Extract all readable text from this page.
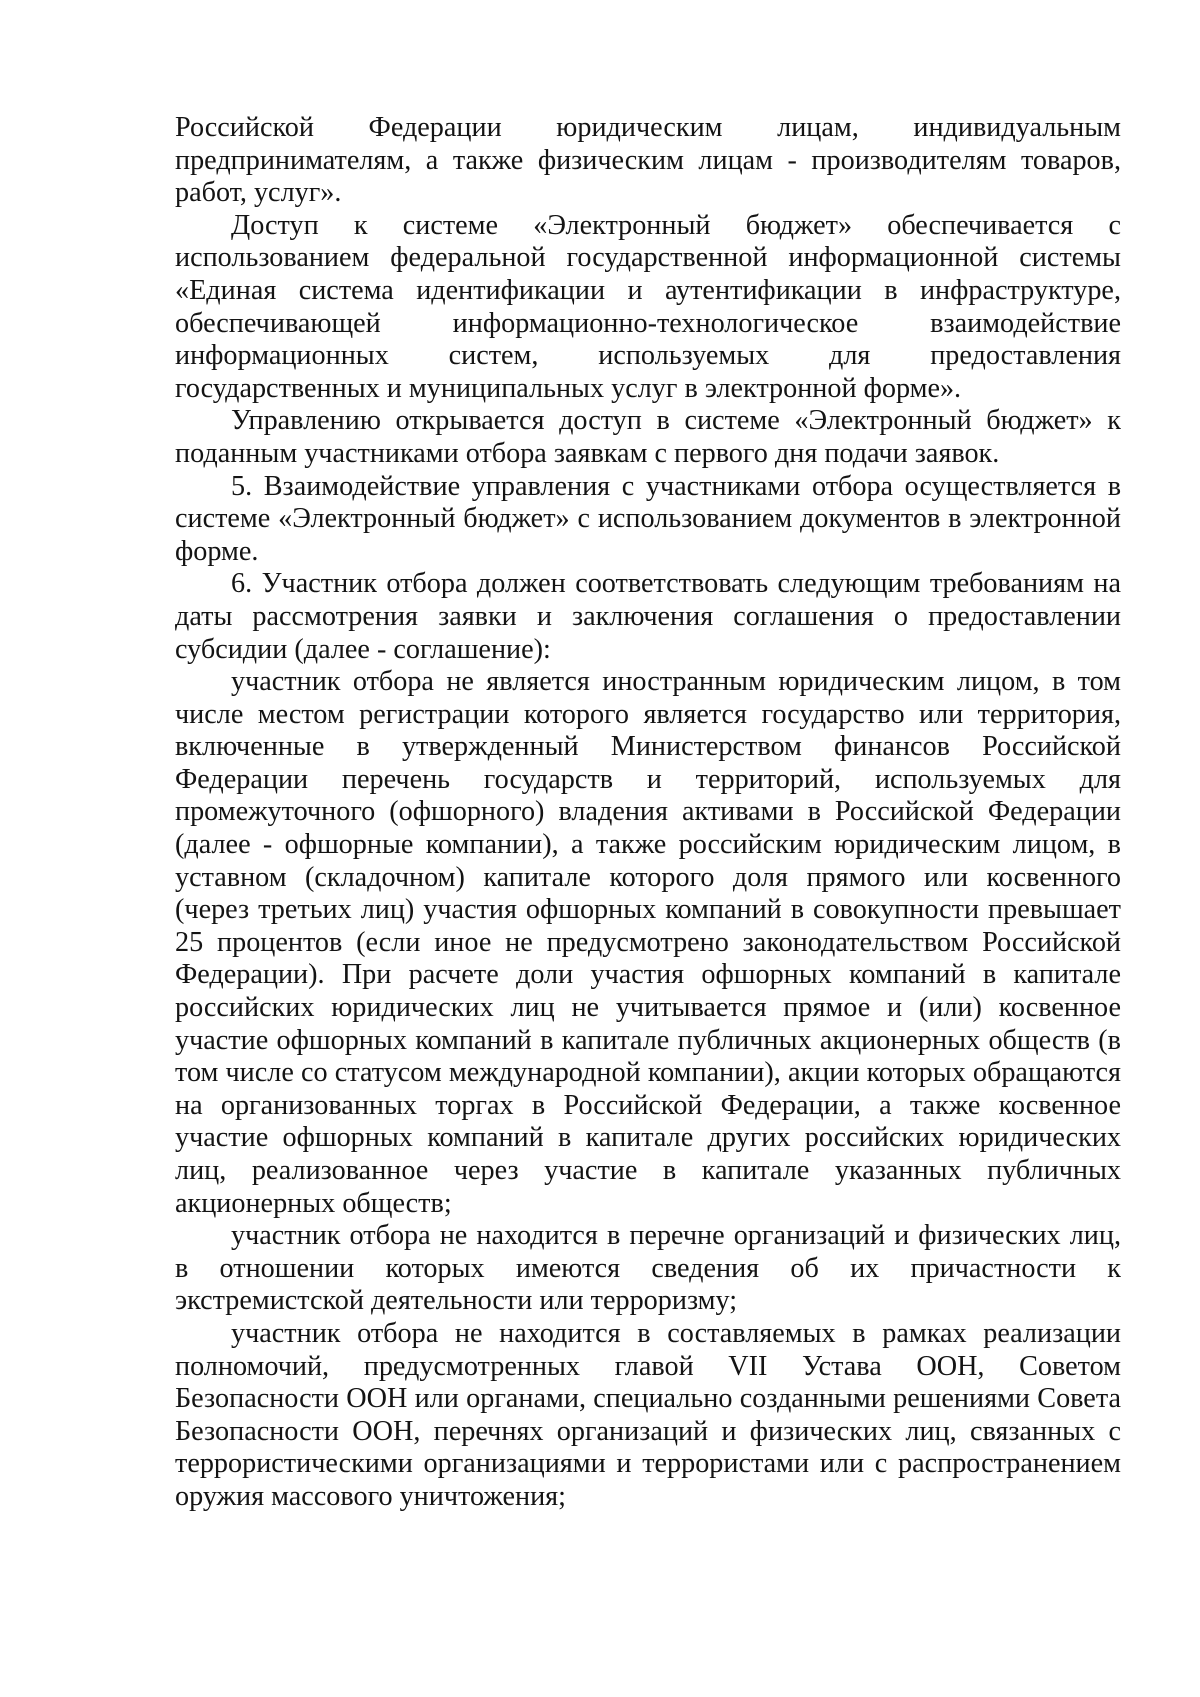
Российской Федерации юридическим лицам, индивидуальным предпринимателям, а также физическим лицам - производителям товаров, работ, услуг».

Доступ к системе «Электронный бюджет» обеспечивается с использованием федеральной государственной информационной системы «Единая система идентификации и аутентификации в инфраструктуре, обеспечивающей информационно-технологическое взаимодействие информационных систем, используемых для предоставления государственных и муниципальных услуг в электронной форме».

Управлению открывается доступ в системе «Электронный бюджет» к поданным участниками отбора заявкам с первого дня подачи заявок.

5. Взаимодействие управления с участниками отбора осуществляется в системе «Электронный бюджет» с использованием документов в электронной форме.

6. Участник отбора должен соответствовать следующим требованиям на даты рассмотрения заявки и заключения соглашения о предоставлении субсидии (далее - соглашение):

участник отбора не является иностранным юридическим лицом, в том числе местом регистрации которого является государство или территория, включенные в утвержденный Министерством финансов Российской Федерации перечень государств и территорий, используемых для промежуточного (офшорного) владения активами в Российской Федерации (далее - офшорные компании), а также российским юридическим лицом, в уставном (складочном) капитале которого доля прямого или косвенного (через третьих лиц) участия офшорных компаний в совокупности превышает 25 процентов (если иное не предусмотрено законодательством Российской Федерации). При расчете доли участия офшорных компаний в капитале российских юридических лиц не учитывается прямое и (или) косвенное участие офшорных компаний в капитале публичных акционерных обществ (в том числе со статусом международной компании), акции которых обращаются на организованных торгах в Российской Федерации, а также косвенное участие офшорных компаний в капитале других российских юридических лиц, реализованное через участие в капитале указанных публичных акционерных обществ;

участник отбора не находится в перечне организаций и физических лиц, в отношении которых имеются сведения об их причастности к экстремистской деятельности или терроризму;

участник отбора не находится в составляемых в рамках реализации полномочий, предусмотренных главой VII Устава ООН, Советом Безопасности ООН или органами, специально созданными решениями Совета Безопасности ООН, перечнях организаций и физических лиц, связанных с террористическими организациями и террористами или с распространением оружия массового уничтожения;
